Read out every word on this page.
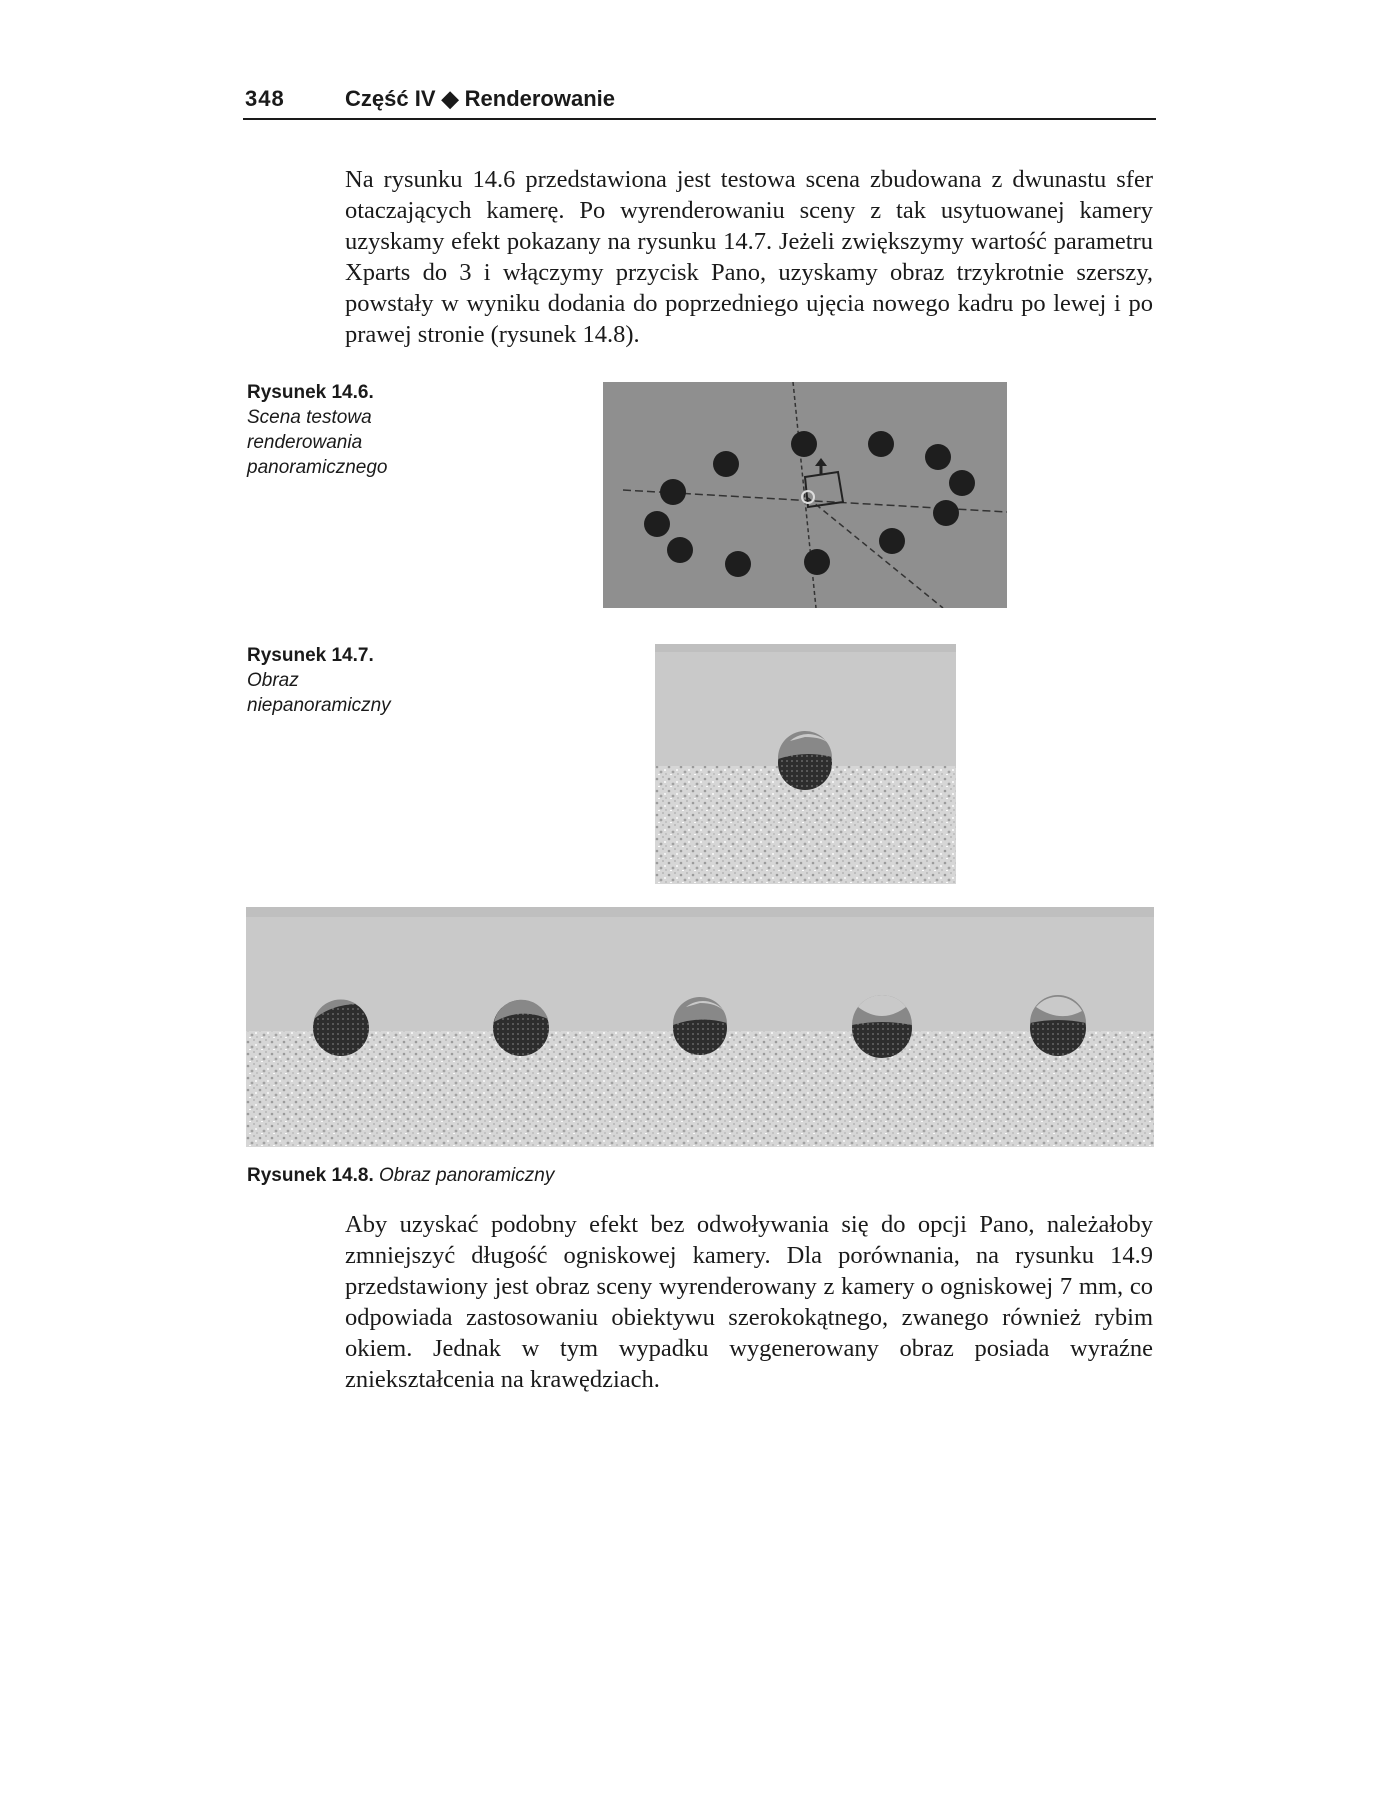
348	Część IV ◆ Renderowanie

Na rysunku 14.6 przedstawiona jest testowa scena zbudowana z dwunastu sfer otaczających kamerę. Po wyrenderowaniu sceny z tak usytuowanej kamery uzyskamy efekt pokazany na rysunku 14.7. Jeżeli zwiększymy wartość parametru Xparts do 3 i włączymy przycisk Pano, uzyskamy obraz trzykrotnie szerszy, powstały w wyniku dodania do poprzedniego ujęcia nowego kadru po lewej i po prawej stronie (rysunek 14.8).

Rysunek 14.6.
Scena testowa renderowania panoramicznego
Rysunek 14.7.
Obraz niepanoramiczny
Rysunek 14.8. Obraz panoramiczny

Aby uzyskać podobny efekt bez odwoływania się do opcji Pano, należałoby zmniejszyć długość ogniskowej kamery. Dla porównania, na rysunku 14.9 przedstawiony jest obraz sceny wyrenderowany z kamery o ogniskowej 7 mm, co odpowiada zastosowaniu obiektywu szerokokątnego, zwanego również rybim okiem. Jednak w tym wypadku wygenerowany obraz posiada wyraźne zniekształcenia na krawędziach.
